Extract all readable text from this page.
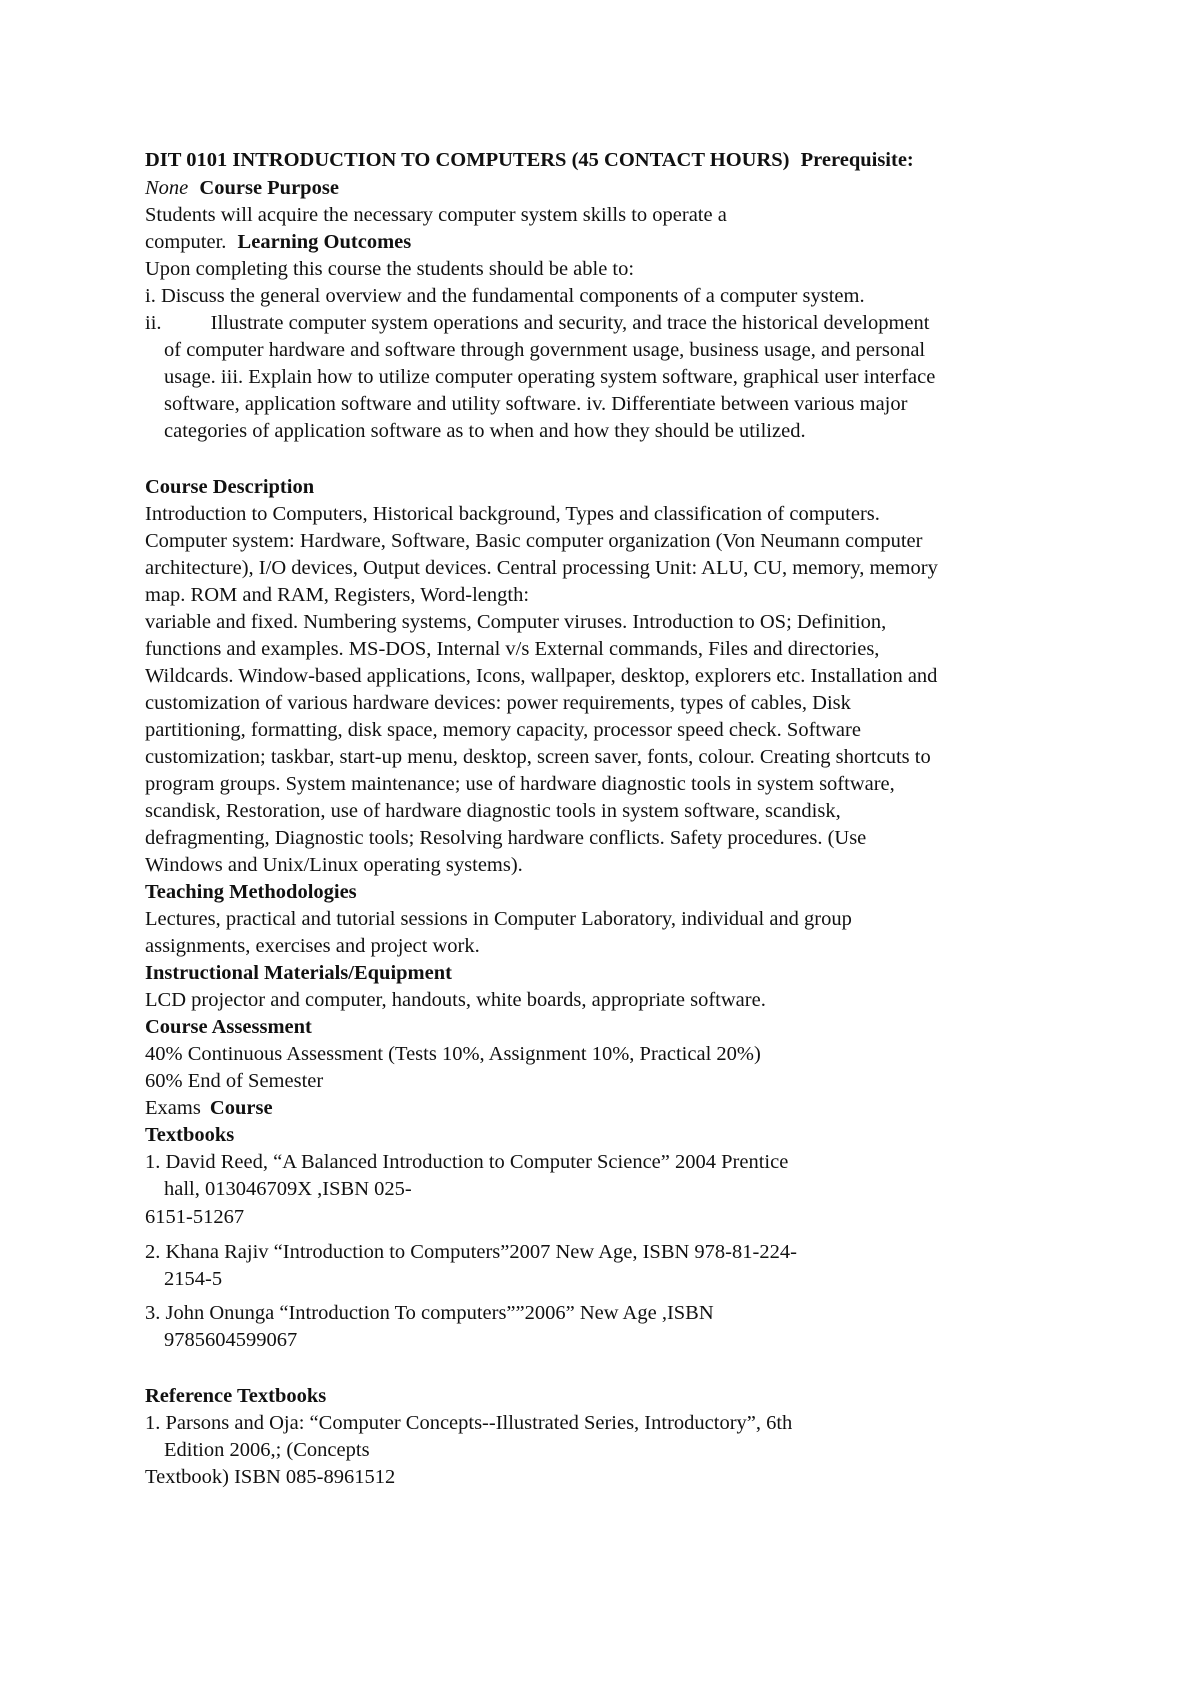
DIT 0101 INTRODUCTION TO COMPUTERS (45 CONTACT HOURS) Prerequisite:
None Course Purpose
Students will acquire the necessary computer system skills to operate a
computer. Learning Outcomes
Upon completing this course the students should be able to:
i. Discuss the general overview and the fundamental components of a computer system.
ii. Illustrate computer system operations and security, and trace the historical development
of computer hardware and software through government usage, business usage, and personal
usage. iii. Explain how to utilize computer operating system software, graphical user interface
software, application software and utility software. iv. Differentiate between various major
categories of application software as to when and how they should be utilized.
Course Description
Introduction to Computers, Historical background, Types and classification of computers.
Computer system: Hardware, Software, Basic computer organization (Von Neumann computer
architecture), I/O devices, Output devices. Central processing Unit: ALU, CU, memory, memory
map. ROM and RAM, Registers, Word-length:
variable and fixed. Numbering systems, Computer viruses. Introduction to OS; Definition,
functions and examples. MS-DOS, Internal v/s External commands, Files and directories,
Wildcards. Window-based applications, Icons, wallpaper, desktop, explorers etc. Installation and
customization of various hardware devices: power requirements, types of cables, Disk
partitioning, formatting, disk space, memory capacity, processor speed check. Software
customization; taskbar, start-up menu, desktop, screen saver, fonts, colour. Creating shortcuts to
program groups. System maintenance; use of hardware diagnostic tools in system software,
scandisk, Restoration, use of hardware diagnostic tools in system software, scandisk,
defragmenting, Diagnostic tools; Resolving hardware conflicts. Safety procedures. (Use
Windows and Unix/Linux operating systems).
Teaching Methodologies
Lectures, practical and tutorial sessions in Computer Laboratory, individual and group
assignments, exercises and project work.
Instructional Materials/Equipment
LCD projector and computer, handouts, white boards, appropriate software.
Course Assessment
40% Continuous Assessment (Tests 10%, Assignment 10%, Practical 20%)
60% End of Semester
Exams Course
Textbooks
1. David Reed, “A Balanced Introduction to Computer Science” 2004 Prentice
hall, 013046709X ,ISBN 025-
6151-51267
2. Khana Rajiv “Introduction to Computers”2007 New Age, ISBN 978-81-224-
2154-5
3. John Onunga “Introduction To computers””2006” New Age ,ISBN
9785604599067
Reference Textbooks
1. Parsons and Oja: “Computer Concepts--Illustrated Series, Introductory”, 6th
Edition 2006,; (Concepts
Textbook) ISBN 085-8961512
